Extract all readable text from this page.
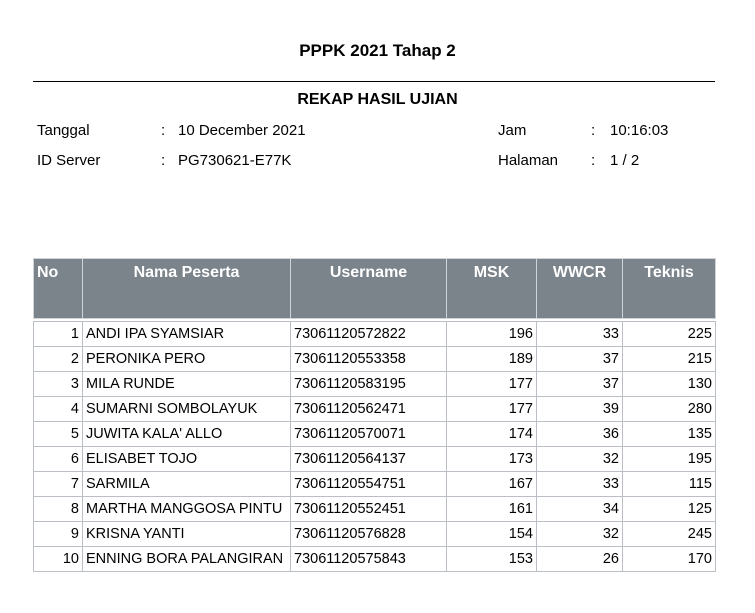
PPPK 2021 Tahap 2
REKAP HASIL UJIAN
Tanggal	: 10 December 2021
ID Server	: PG730621-E77K
Jam	: 10:16:03
Halaman : 1 / 2
No	Nama Peserta	Username	MSK	WWCR	Teknis

1	ANDI IPA SYAMSIAR	73061120572822	196	33	225
2	PERONIKA PERO	73061120553358	189	37	215
3	MILA RUNDE	73061120583195	177	37	130
4	SUMARNI SOMBOLAYUK	73061120562471	177	39	280
5	JUWITA KALA' ALLO	73061120570071	174	36	135
6	ELISABET TOJO	73061120564137	173	32	195
7	SARMILA	73061120554751	167	33	115
8	MARTHA MANGGOSA PINTU	73061120552451	161	34	125
9	KRISNA YANTI	73061120576828	154	32	245
10	ENNING BORA PALANGIRAN	73061120575843	153	26	170
